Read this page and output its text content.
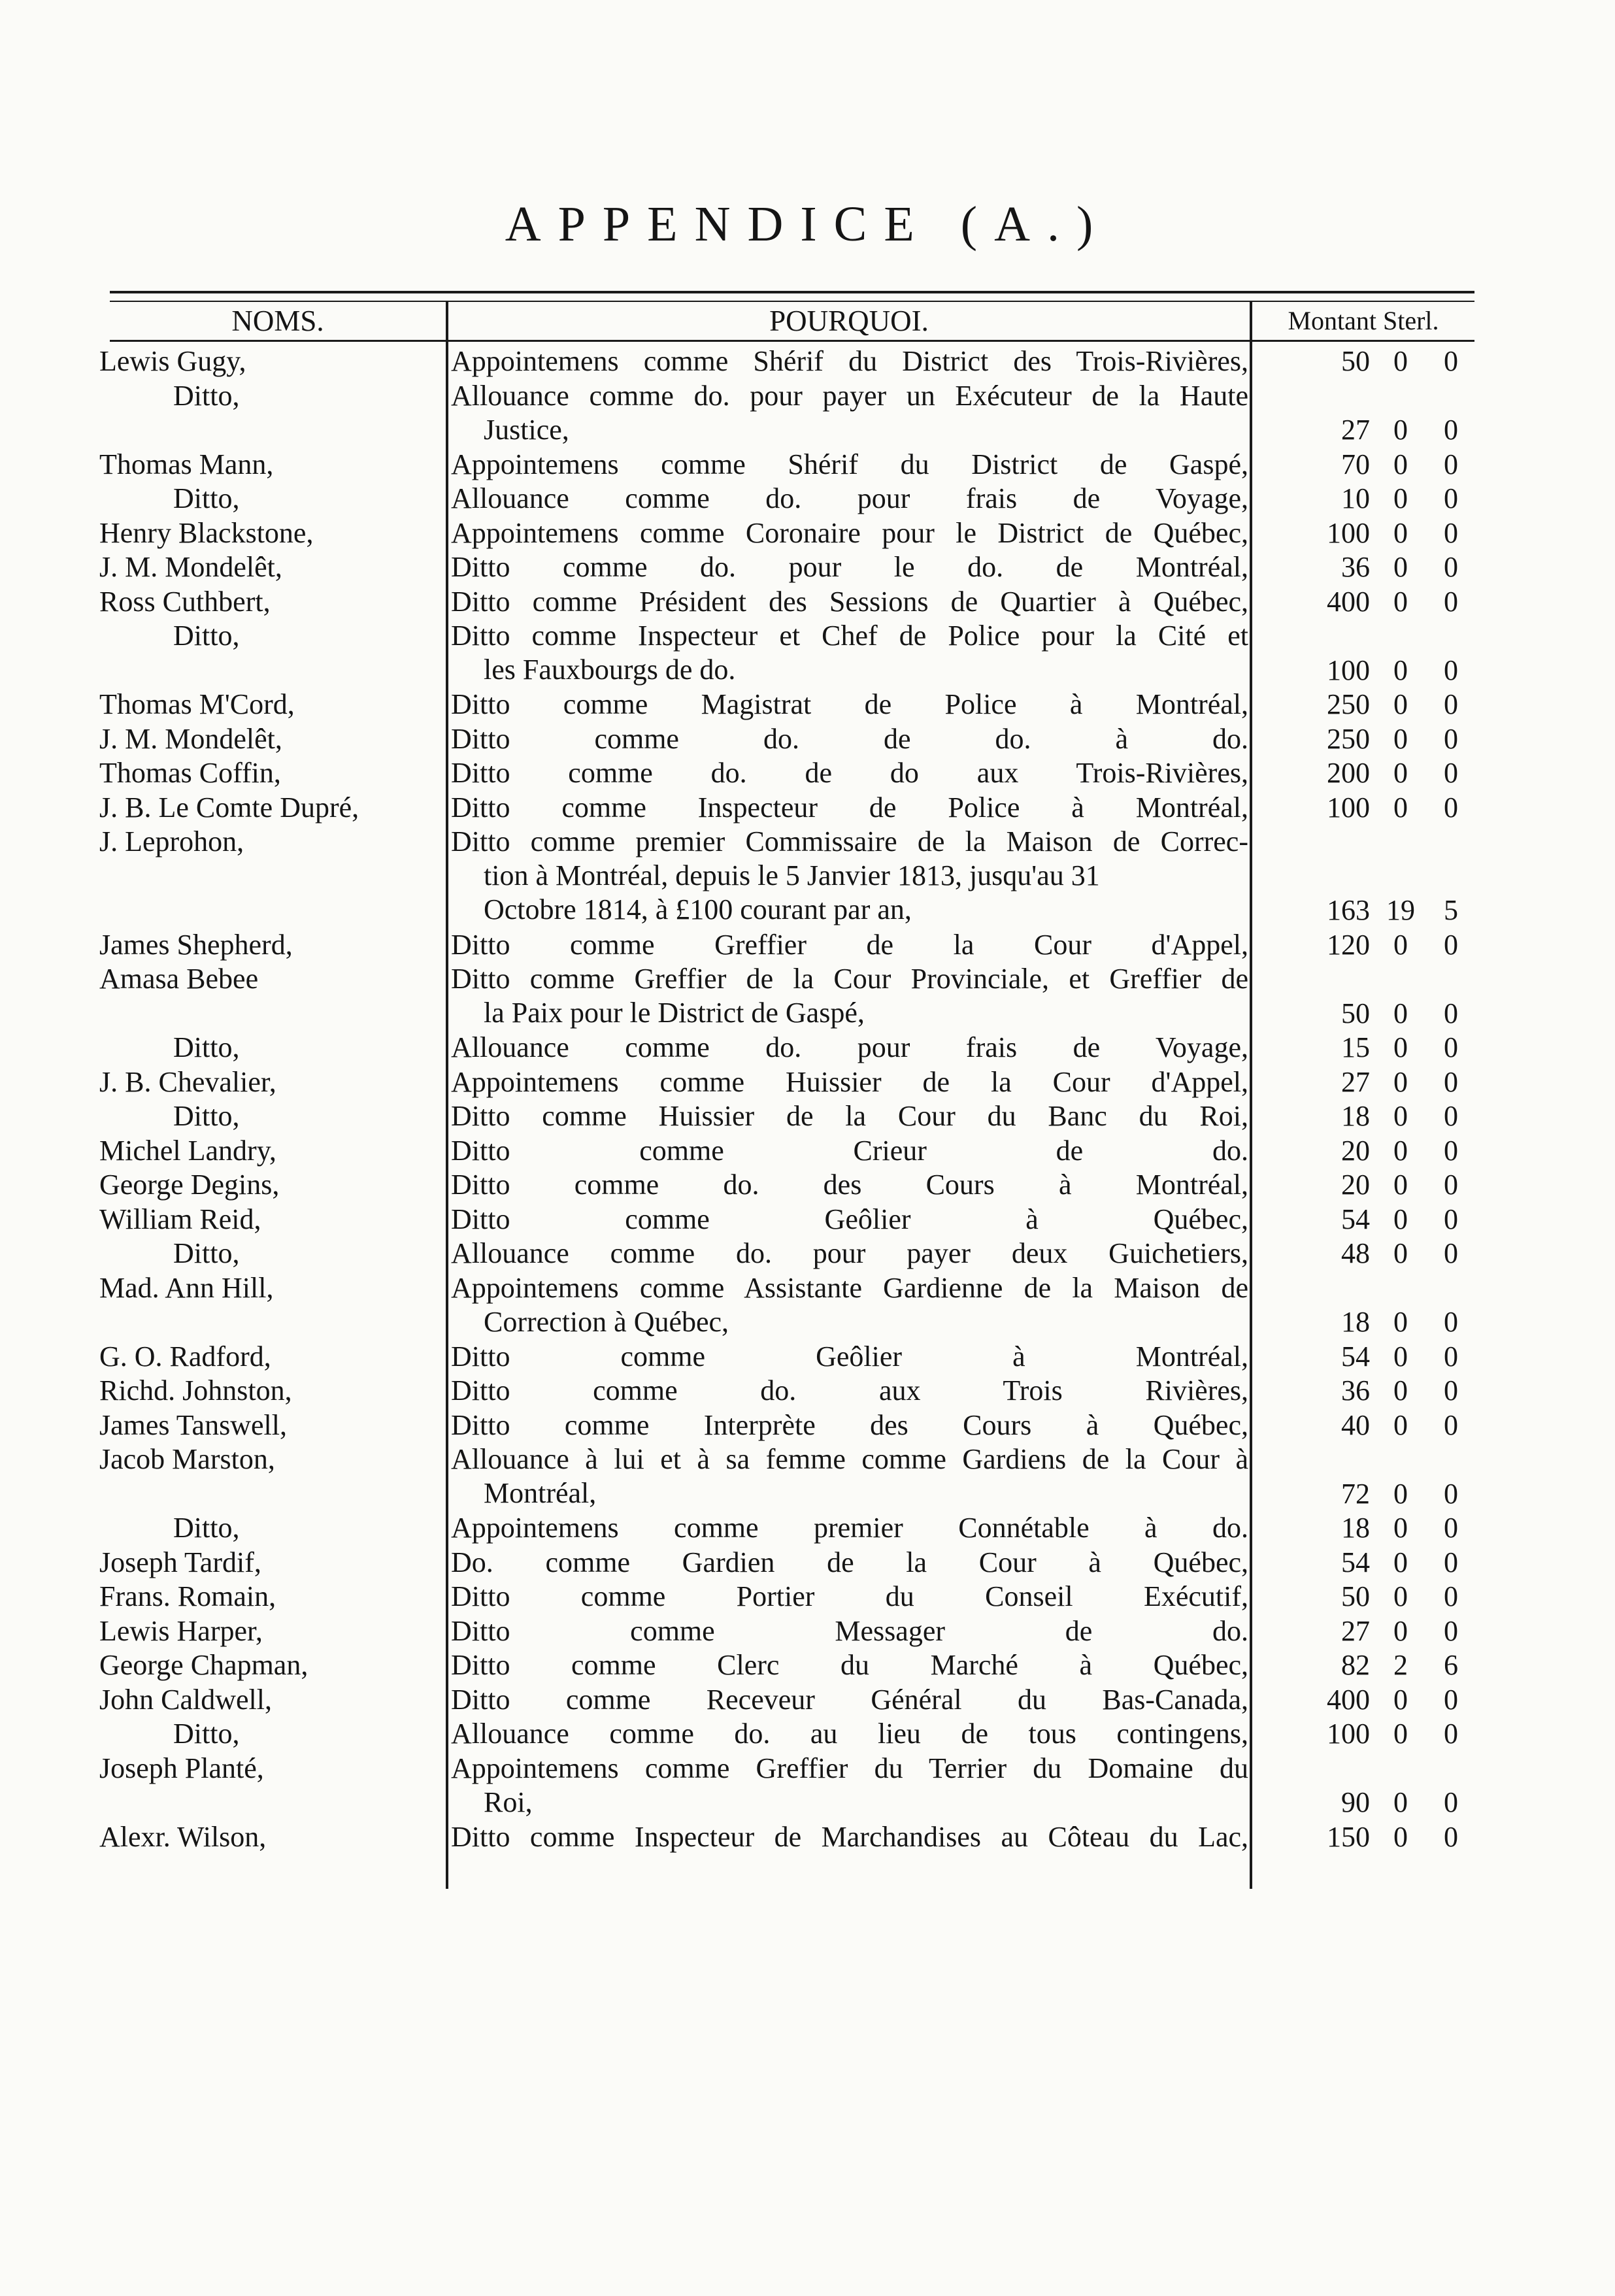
APPENDICE (A.)
NOMS.	POURQUOI.	Montant Sterl.
Lewis Gugy,	Appointemens comme Shérif du District des Trois-Rivières,	50 0	0
Ditto,	Allouance comme do. pour payer un Exécuteur de la Haute
Justice,	27 0	0
Thomas Mann,	Appointemens comme Shérif du District de Gaspé,	70 0	0
Ditto,	Allouance comme do. pour frais de Voyage,	10 0	0
Henry Blackstone,	Appointemens comme Coronaire pour le District de Québec,	100 0	0
J. M. Mondelêt,	Ditto comme do. pour le do. de Montréal,	36 0	0
Ross Cuthbert,	Ditto comme Président des Sessions de Quartier à Québec,	400 0	0
Ditto,	Ditto comme Inspecteur et Chef de Police pour la Cité et
les Fauxbourgs de do.	100 0	0
Thomas M'Cord,	Ditto comme Magistrat de Police à Montréal,	250 0	0
J. M. Mondelêt,	Ditto comme do. de do. à do.	250 0	0
Thomas Coffin,	Ditto comme do. de do aux Trois-Rivières,	200 0	0
J. B. Le Comte Dupré,	Ditto comme Inspecteur de Police à Montréal,	100 0	0
J. Leprohon,	Ditto comme premier Commissaire de la Maison de Correc-
tion à Montréal, depuis le 5 Janvier 1813, jusqu'au 31
Octobre 1814, à £100 courant par an,	163 19	5
James Shepherd,	Ditto comme Greffier de la Cour d'Appel,	120 0	0
Amasa Bebee	Ditto comme Greffier de la Cour Provinciale, et Greffier de
la Paix pour le District de Gaspé,	50 0	0
Ditto,	Allouance comme do. pour frais de Voyage,	15 0	0
J. B. Chevalier,	Appointemens comme Huissier de la Cour d'Appel,	27 0	0
Ditto,	Ditto comme Huissier de la Cour du Banc du Roi,	18 0	0
Michel Landry,	Ditto comme Crieur de do.	20 0	0
George Degins,	Ditto comme do. des Cours à Montréal,	20 0	0
William Reid,	Ditto comme Geôlier à Québec,	54 0	0
Ditto,	Allouance comme do. pour payer deux Guichetiers,	48 0	0
Mad. Ann Hill,	Appointemens comme Assistante Gardienne de la Maison de
Correction à Québec,	18 0	0
G. O. Radford,	Ditto comme Geôlier à Montréal,	54 0	0
Richd. Johnston,	Ditto comme do. aux Trois Rivières,	36 0	0
James Tanswell,	Ditto comme Interprète des Cours à Québec,	40 0	0
Jacob Marston,	Allouance à lui et à sa femme comme Gardiens de la Cour à
Montréal,	72 0	0
Ditto,	Appointemens comme premier Connétable à do.	18 0	0
Joseph Tardif,	Do. comme Gardien de la Cour à Québec,	54 0	0
Frans. Romain,	Ditto comme Portier du Conseil Exécutif,	50 0	0
Lewis Harper,	Ditto comme Messager de do.	27 0	0
George Chapman,	Ditto comme Clerc du Marché à Québec,	82 2	6
John Caldwell,	Ditto comme Receveur Général du Bas-Canada,	400 0	0
Ditto,	Allouance comme do. au lieu de tous contingens,	100 0	0
Joseph Planté,	Appointemens comme Greffier du Terrier du Domaine du
Roi,	90 0	0
Alexr. Wilson,	Ditto comme Inspecteur de Marchandises au Côteau du Lac,	150 0	0
